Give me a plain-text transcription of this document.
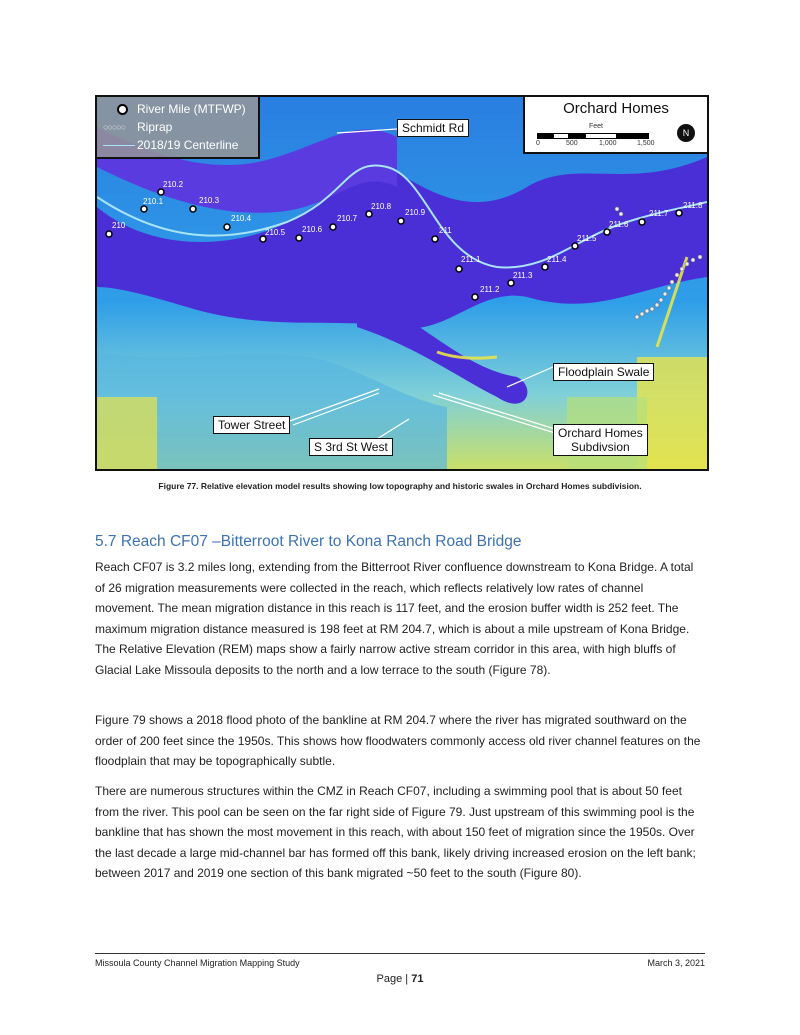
210
210.1
210.2
210.3
210.4
210.5 210.6
210.7
210.8
210.9
211
211.1
211.2
211.3
211.4
211.5
211.6
211.7
211.8
River Mile (MTFWP)
○○○○○ Riprap
2018/19 Centerline
Orchard Homes
Feet
0	500	1,000	1,500
N
Schmidt Rd
Floodplain Swale
Tower Street
S 3rd St West
Orchard Homes
Subdivsion
Figure 77. Relative elevation model results showing low topography and historic swales in Orchard Homes subdivision.
5.7 Reach CF07 –Bitterroot River to Kona Ranch Road Bridge

Reach CF07 is 3.2 miles long, extending from the Bitterroot River confluence downstream to Kona Bridge. A total of 26 migration measurements were collected in the reach, which reflects relatively low rates of channel movement. The mean migration distance in this reach is 117 feet, and the erosion buffer width is 252 feet. The maximum migration distance measured is 198 feet at RM 204.7, which is about a mile upstream of Kona Bridge. The Relative Elevation (REM) maps show a fairly narrow active stream corridor in this area, with high bluffs of Glacial Lake Missoula deposits to the north and a low terrace to the south (Figure 78).

Figure 79 shows a 2018 flood photo of the bankline at RM 204.7 where the river has migrated southward on the order of 200 feet since the 1950s. This shows how floodwaters commonly access old river channel features on the floodplain that may be topographically subtle.

There are numerous structures within the CMZ in Reach CF07, including a swimming pool that is about 50 feet from the river. This pool can be seen on the far right side of Figure 79. Just upstream of this swimming pool is the bankline that has shown the most movement in this reach, with about 150 feet of migration since the 1950s. Over the last decade a large mid-channel bar has formed off this bank, likely driving increased erosion on the left bank; between 2017 and 2019 one section of this bank migrated ~50 feet to the south (Figure 80).

Missoula County Channel Migration Mapping Study	March 3, 2021
Page | 71
